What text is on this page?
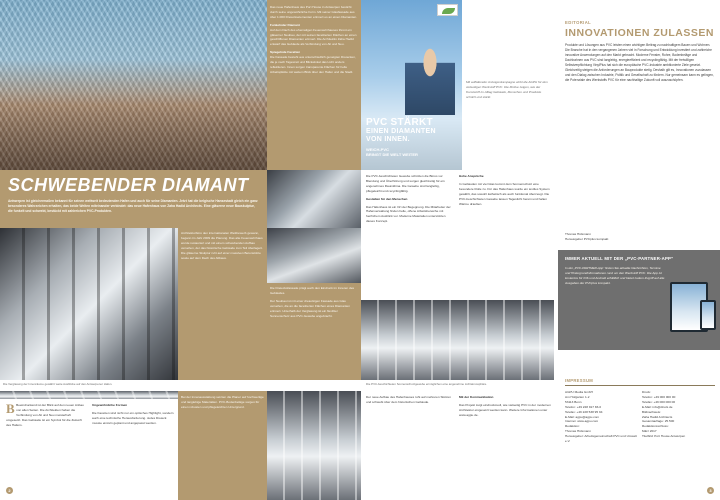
Das neue Hafenhaus des Port House in Antwerpen besticht durch seine ungewöhnliche Form. Mit seiner Glasfassade aus über 1.000 Dreieckselementen erinnert es an einen Diamanten.

Funkelnder Diamant
Auf dem Dach des ehemaligen Feuerwehrhauses thront ein gläserner Neubau, der mit seinen facettierten Flächen an einen geschliffenen Diamanten erinnert. Die Architektin Zaha Hadid entwarf das Gebäude als Verbindung von Alt und Neu.

Spiegelnde Facetten
Die Fassade besteht aus unterschiedlich geneigten Dreiecken, die je nach Tageszeit und Blickwinkel das Licht anders reflektieren. Innen sorgen transparente Flächen für helle Arbeitsplätze mit weitem Blick über den Hafen und die Stadt.

SCHWEBENDER DIAMANT
Antwerpen ist gleichermaßen bekannt für seinen weltweit bedeutenden Hafen und auch für seine Diamanten. Jetzt hat die belgische Hansestadt gleich ein ganz besonderes Wahrzeichen erhalten, das beide Welten miteinander verbindet: das neue Hafenhaus von Zaha Hadid Architects. Eine gläserne neue Bauskulptur, die funkelt und schwebt, bestückt mit zahlreichen PVC-Produkten.
Die Verglasung der Innenräume gewährt weite Ausblicke auf den Antwerpener Hafen.
Architekturbüro den internationalen Wettbewerb gewann, begann im Jahr 2009 die Planung. Das alte Feuerwehrhaus wurde restauriert und mit einem schwebenden Aufbau versehen, der das historische Gebäude zum Teil überlagert. Die gläserne Skulptur ruht auf einer massiven Betonstütze sowie auf dem Dach des Altbaus.

Die Dreiecksfassade prägt auch den Eindruck im Inneren des Gebäudes.

Der Neubau ist mit einer dreieckigen Fassade aus Glas versehen, die an die facettierten Flächen eines Diamanten erinnert. Unterhalb der Verglasung ist ein flexibler Sonnenschutz aus PVC-Gewebe angebracht.

B Beeindruckend ist der Blick auf den neuen Anbau von allen Seiten. Die Architekten haben die Verbindung von Alt und Neu meisterhaft umgesetzt. Das Gebäude ist ein Symbol für die Zukunft des Hafens.

Ungewöhnliche Formen

Die Facetten sind nicht nur ein optisches Highlight, sondern auch eine technische Herausforderung. Jedes Dreieck musste einzeln geplant und angepasst werden.

2
Bei der Innenausstattung setzten die Planer auf hochwertige und langlebige Materialien. PVC-Bodenbeläge sorgen für einen robusten und pflegeleichten Untergrund.
PVC STÄRKT
EINEN DIAMANTEN
VON INNEN.
WEICH-PVC
BRINGT DIE WELT WEITER
Mit auffallender Anzeigenkampagne wirbt die AGPU für den vielseitigen Werkstoff PVC. Die Motive zeigen, wie der Kunststoff im Alltag Gebäude, Menschen und Produkte schützt und stärkt.

Die PVC-beschichteten Gewebe schützen die Büros vor Blendung und Überhitzung und sorgen gleichzeitig für ein angenehmes Raumklima. Die Gewebe sind langlebig, pflegeleicht und recyclingfähig.

Gestalten für den Menschen

Das Hafenhaus ist ein Ort der Begegnung. Die Mitarbeiter der Hafenverwaltung finden helle, offene Arbeitsbereiche mit herrlichem Ausblick vor. Moderne Materialien unterstützen dieses Konzept.

Hohe Ansprüche

In Gebäuden mit viel Glas kommt dem Sonnenschutz eine besondere Rolle zu. Für das Hafenhaus wurde ein textiles System gewählt, das sowohl ästhetisch als auch funktional überzeugt. Die PVC-beschichteten Gewebe lassen Tageslicht herein und halten Wärme draußen.

Die PVC-beschichteten Sonnenschutzgewebe ermöglichen eine angenehme Lichtatmosphäre.

Der neue Aufbau des Hafenhauses ruht auf mehreren Stützen und schwebt über dem historischen Gebäude.

Mit der Kommunikation

Das Projekt zeigt eindrucksvoll, wie vielseitig PVC in der modernen Architektur eingesetzt werden kann. Weitere Informationen unter www.agpu.de.

EDITORIAL
INNOVATIONEN ZULASSEN
Produkte und Lösungen aus PVC leisten einen wichtigen Beitrag zu nachhaltigem Bauen und Wohnen. Die Branche hat in den vergangenen Jahren viel in Forschung und Entwicklung investiert und zahlreiche innovative Anwendungen auf den Markt gebracht. Moderne Fenster, Rohre, Bodenbeläge und Dachbahnen aus PVC sind langlebig, energieeffizient und recyclingfähig. Mit der freiwilligen Selbstverpflichtung VinylPlus hat sich die europäische PVC-Industrie ambitionierte Ziele gesetzt. Gleichzeitig steigen die Anforderungen an Bauprodukte stetig. Deshalb gilt es, Innovationen zuzulassen und den Dialog zwischen Industrie, Politik und Gesellschaft zu fördern. Nur gemeinsam kann es gelingen, die Potenziale des Werkstoffs PVC für eine nachhaltige Zukunft voll auszuschöpfen.
Thomas Hülsmann
Herausgeber PVCplus kompakt
IMMER AKTUELL MIT DER „PVC-PARTNER-APP“
In der „PVC-PARTNER-App“ finden Sie aktuelle Nachrichten, Termine und Hintergrundinformationen rund um den Werkstoff PVC. Die App ist kostenlos für iOS und Android erhältlich und bietet zudem Zugriff auf alle Ausgaben der PVCplus kompakt.
IMPRESSUM
AGPU Media GmbH
Am Hofgarten 1-2
53113 Bonn
Telefon: +49 228 917 83-0
Telefax: +49 228 538 95 94
E-Mail: agpu@agpu.com
Internet: www.agpu.com
Redaktion:
Thomas Hülsmann
Herausgeber: Arbeitsgemeinschaft PVC und Umwelt e.V.
Druck:
Telefon: +49 000 000 00
Telefax: +49 000 000 00
E-Mail: info@druck.de
Bildnachweis:
Zaha Hadid Architects
Gesamtauflage: 25.500
Redaktionsschluss:
März 2017
Titelbild: Port House Antwerpen
3
